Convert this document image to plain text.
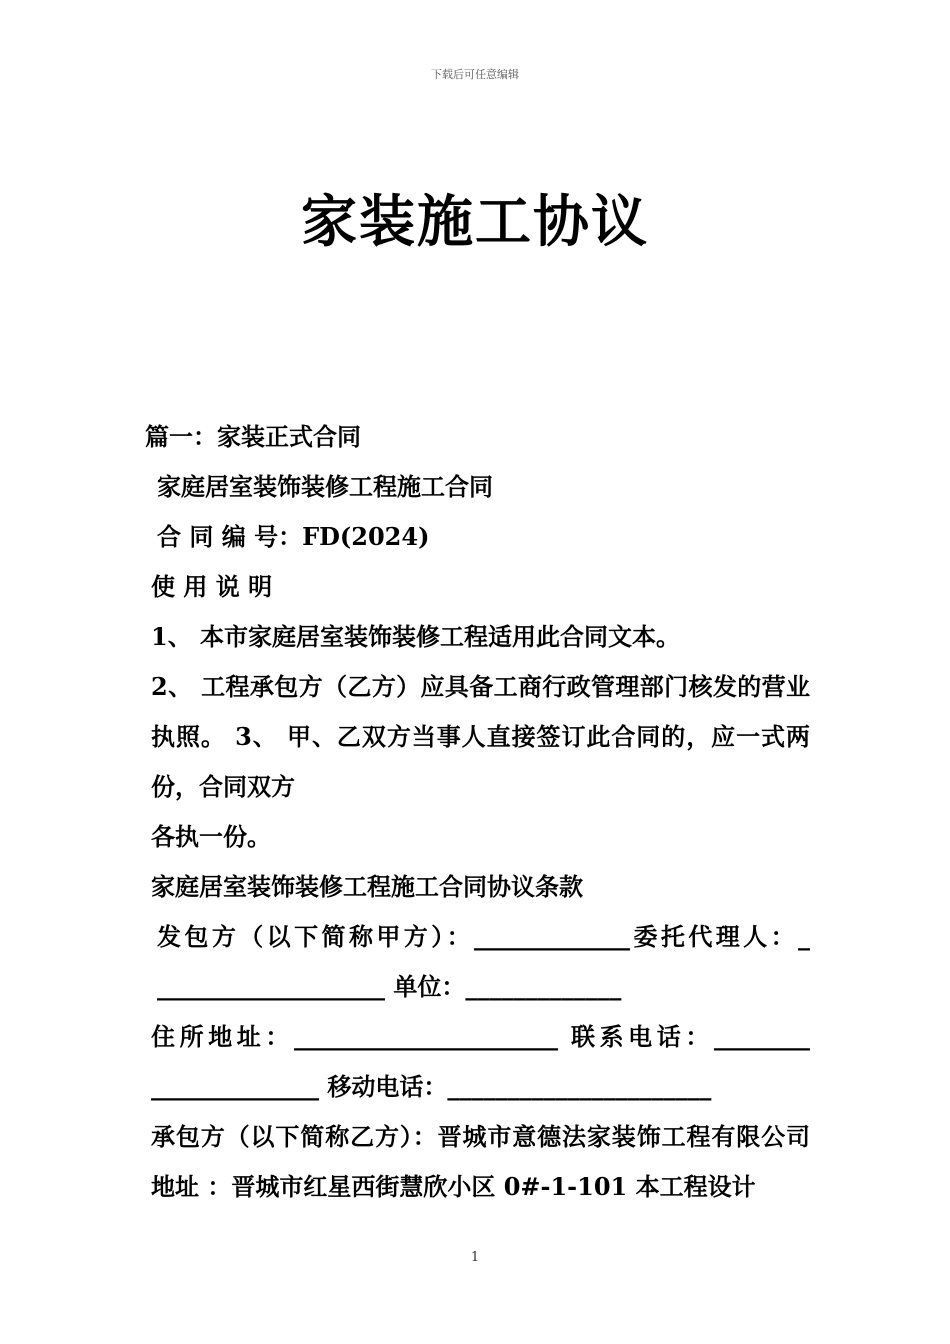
下载后可任意编辑
家装施工协议
篇一：家装正式合同
家庭居室装饰装修工程施工合同
合 同 编 号：FD(2024)
使 用 说 明
1、 本市家庭居室装饰装修工程适用此合同文本。
2、 工程承包方（乙方）应具备工商行政管理部门核发的营业执照。 3、 甲、乙双方当事人直接签订此合同的，应一式两份，合同双方
各执一份。
家庭居室装饰装修工程施工合同协议条款
发包方（以下简称甲方）：_____________委托代理人：_ ___________________ 单位：_____________
住所地址：______________________ 联系电话：________ ______________ 移动电话：______________________
承包方（以下简称乙方）：晋城市意德法家装饰工程有限公司 地址 ：晋城市红星西街慧欣小区 0#-1-101 本工程设计
1
